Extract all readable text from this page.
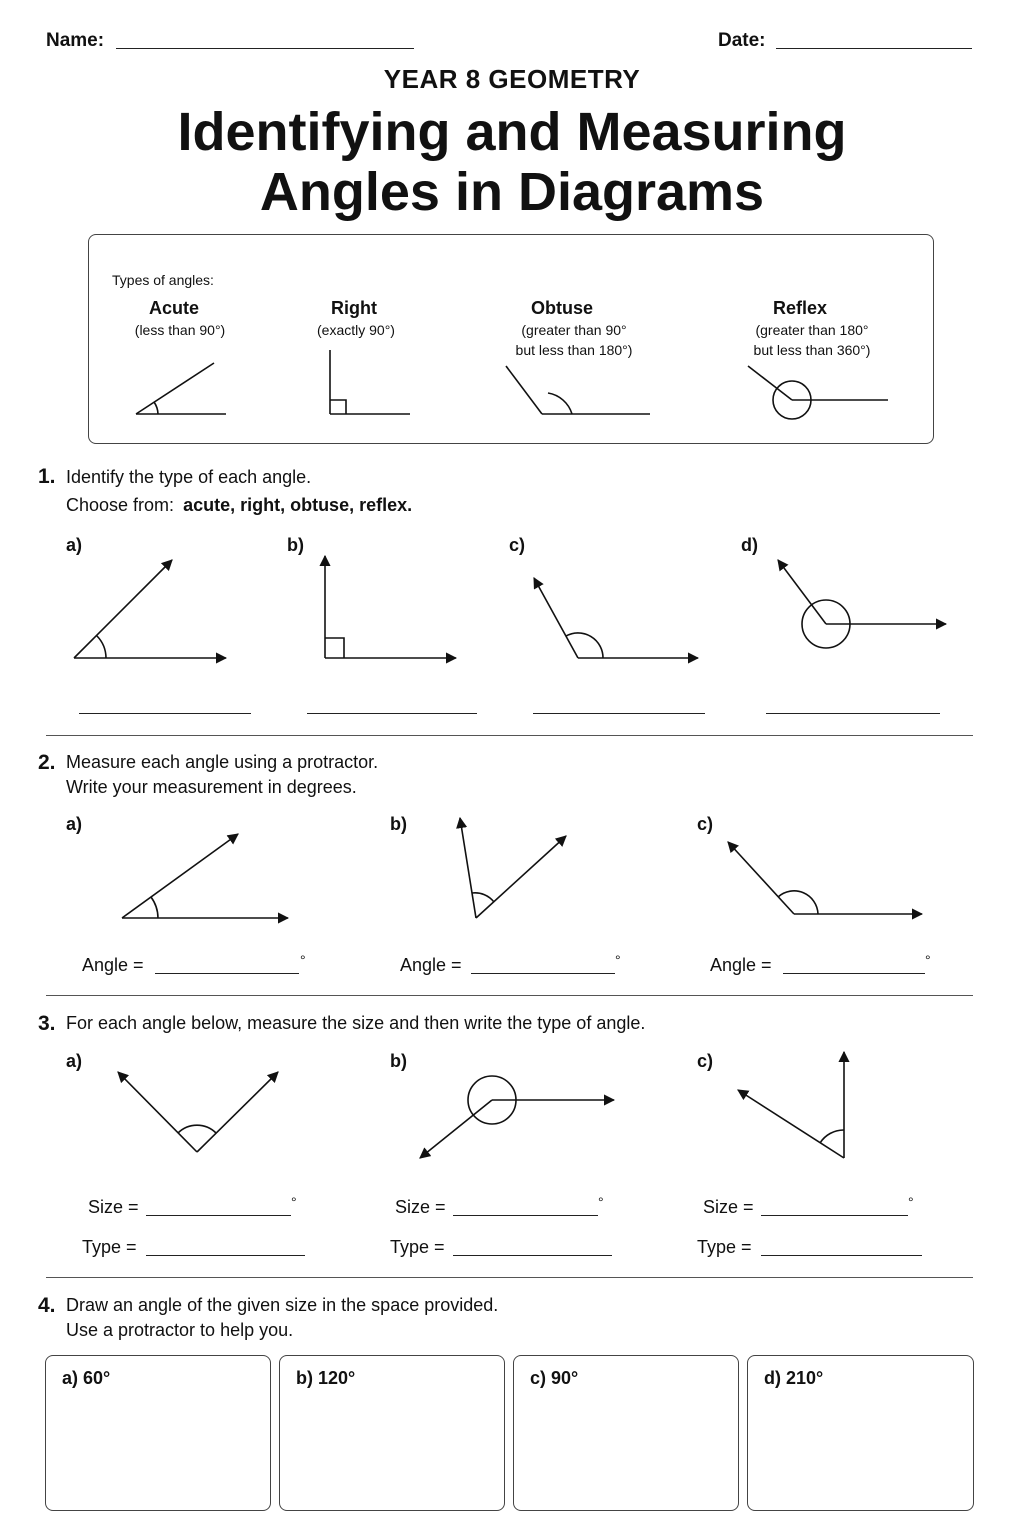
Name:	Date:
YEAR 8 GEOMETRY
Identifying and Measuring
Angles in Diagrams
Types of angles:
Acute
(less than 90°)
Right
(exactly 90°)
Obtuse
(greater than 90°
but less than 180°)
Reflex
(greater than 180°
but less than 360°)
1. Identify the type of each angle.
Choose from: acute, right, obtuse, reflex.
a)	b)	c)	d)
2. Measure each angle using a protractor.
Write your measurement in degrees.
a)	b)	c)
Angle =	°	Angle =	°	Angle =	°
3. For each angle below, measure the size and then write the type of angle.
a)	b)	c)
Size =	°
Type =
Size =	°
Type =
Size =	°
Type =
4. Draw an angle of the given size in the space provided.
Use a protractor to help you.
a) 60°	b) 120°	c) 90°	d) 210°
